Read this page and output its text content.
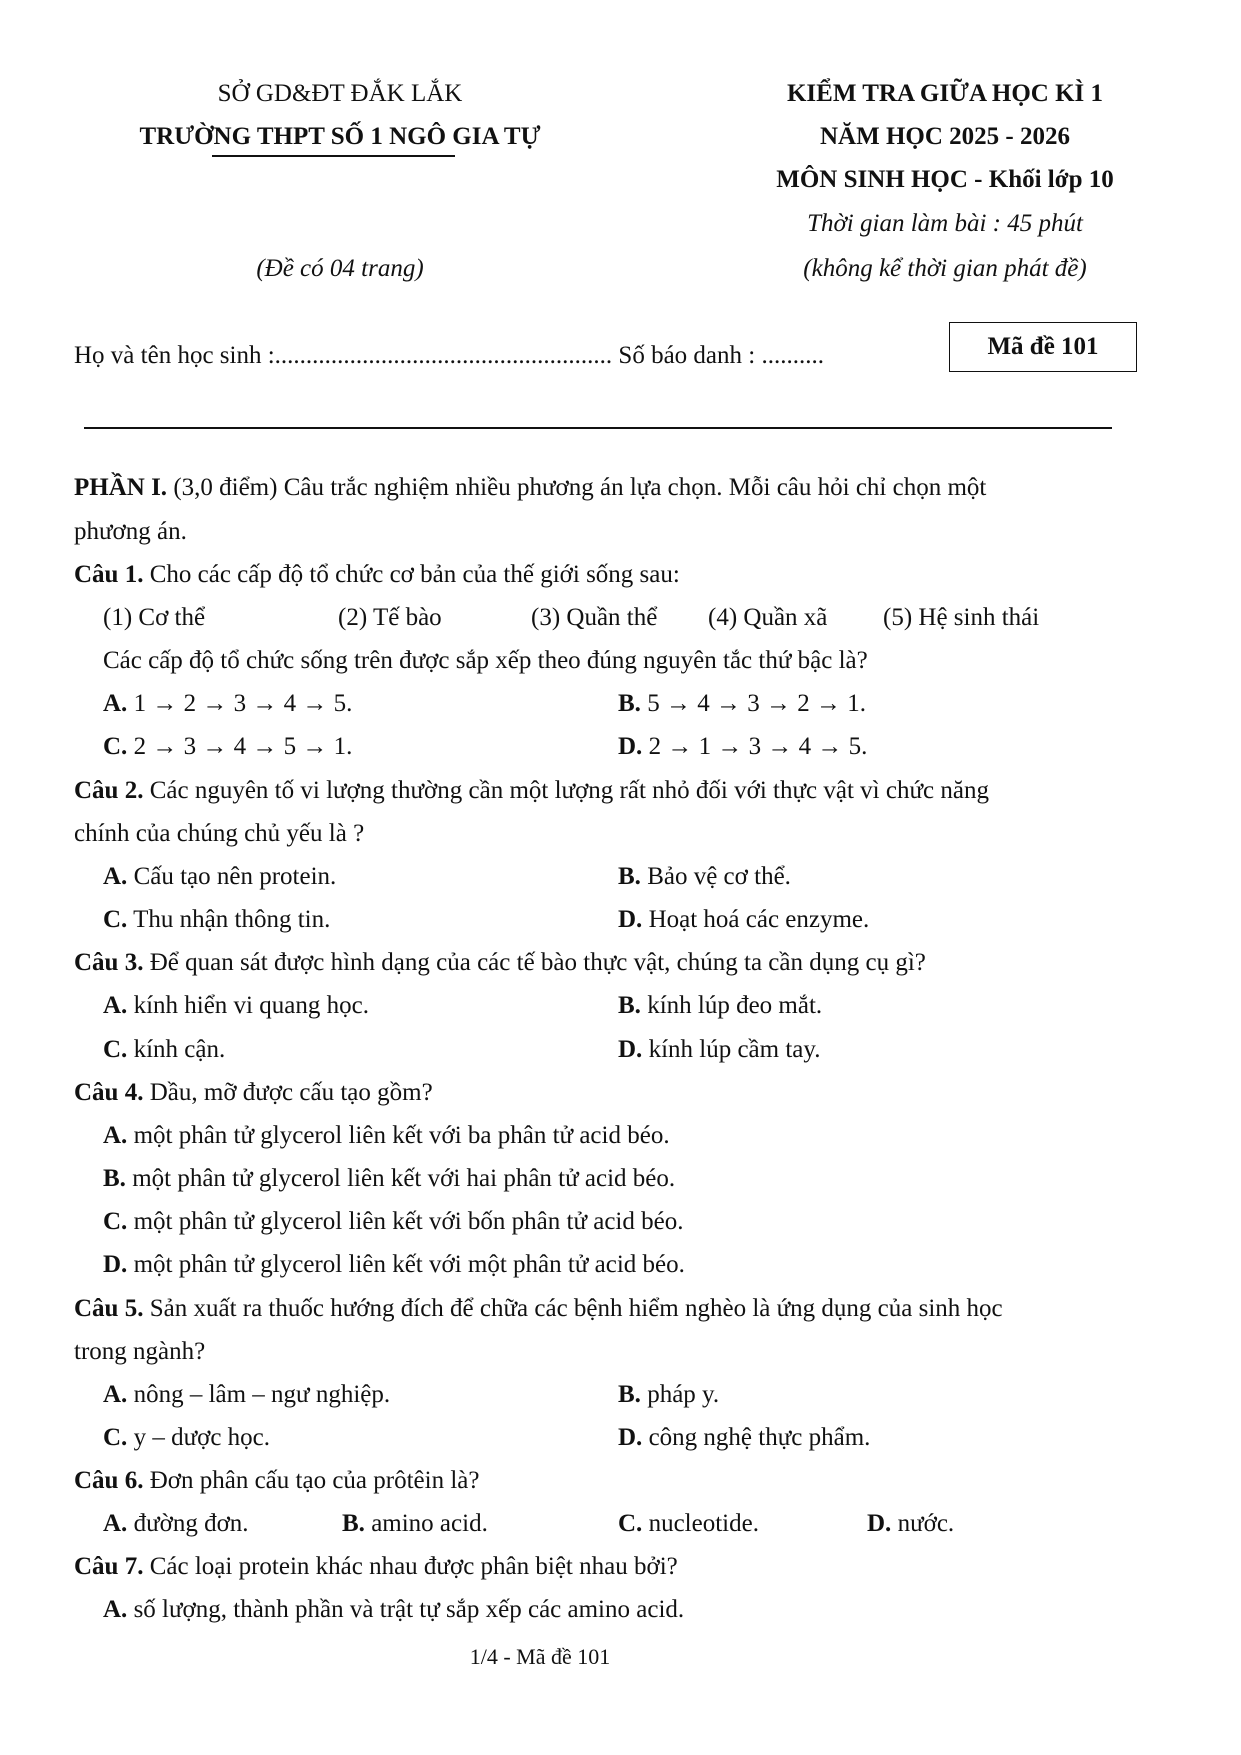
SỞ GD&ĐT ĐẮK LẮK
TRƯỜNG THPT SỐ 1 NGÔ GIA TỰ
(Đề có 04 trang)
KIỂM TRA GIỮA HỌC KÌ 1
NĂM HỌC 2025 - 2026
MÔN SINH HỌC - Khối lớp 10
Thời gian làm bài : 45 phút
(không kể thời gian phát đề)
Họ và tên học sinh :...................................................... Số báo danh : ..........	Mã đề 101
PHẦN I. (3,0 điểm) Câu trắc nghiệm nhiều phương án lựa chọn. Mỗi câu hỏi chỉ chọn một
phương án.
Câu 1. Cho các cấp độ tổ chức cơ bản của thế giới sống sau:
(1) Cơ thể	(2) Tế bào	(3) Quần thể (4) Quần xã (5) Hệ sinh thái
Các cấp độ tổ chức sống trên được sắp xếp theo đúng nguyên tắc thứ bậc là?
A. 1 → 2 → 3 → 4 → 5.	B. 5 → 4 → 3 → 2 → 1.
C. 2 → 3 → 4 → 5 → 1.	D. 2 → 1 → 3 → 4 → 5.
Câu 2. Các nguyên tố vi lượng thường cần một lượng rất nhỏ đối với thực vật vì chức năng
chính của chúng chủ yếu là ?
A. Cấu tạo nên protein.	B. Bảo vệ cơ thể.
C. Thu nhận thông tin.	D. Hoạt hoá các enzyme.
Câu 3. Để quan sát được hình dạng của các tế bào thực vật, chúng ta cần dụng cụ gì?
A. kính hiển vi quang học.	B. kính lúp đeo mắt.
C. kính cận.	D. kính lúp cầm tay.
Câu 4. Dầu, mỡ được cấu tạo gồm?
A. một phân tử glycerol liên kết với ba phân tử acid béo.
B. một phân tử glycerol liên kết với hai phân tử acid béo.
C. một phân tử glycerol liên kết với bốn phân tử acid béo.
D. một phân tử glycerol liên kết với một phân tử acid béo.
Câu 5. Sản xuất ra thuốc hướng đích để chữa các bệnh hiểm nghèo là ứng dụng của sinh học
trong ngành?
A. nông – lâm – ngư nghiệp.	B. pháp y.
C. y – dược học.	D. công nghệ thực phẩm.
Câu 6. Đơn phân cấu tạo của prôtêin là?
A. đường đơn.	B. amino acid.	C. nucleotide.	D. nước.
Câu 7. Các loại protein khác nhau được phân biệt nhau bởi?
A. số lượng, thành phần và trật tự sắp xếp các amino acid.
1/4 - Mã đề 101
